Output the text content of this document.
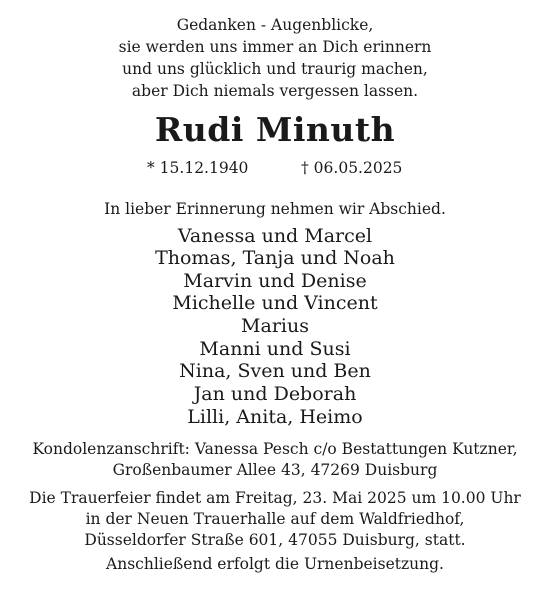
Gedanken - Augenblicke,
sie werden uns immer an Dich erinnern
und uns glücklich und traurig machen,
aber Dich niemals vergessen lassen.
Rudi Minuth
* 15.12.1940	† 06.05.2025
In lieber Erinnerung nehmen wir Abschied.
Vanessa und Marcel
Thomas, Tanja und Noah
Marvin und Denise
Michelle und Vincent
Marius
Manni und Susi
Nina, Sven und Ben
Jan und Deborah
Lilli, Anita, Heimo
Kondolenzanschrift: Vanessa Pesch c/o Bestattungen Kutzner,
Großenbaumer Allee 43, 47269 Duisburg
Die Trauerfeier findet am Freitag, 23. Mai 2025 um 10.00 Uhr
in der Neuen Trauerhalle auf dem Waldfriedhof,
Düsseldorfer Straße 601, 47055 Duisburg, statt.
Anschließend erfolgt die Urnenbeisetzung.
